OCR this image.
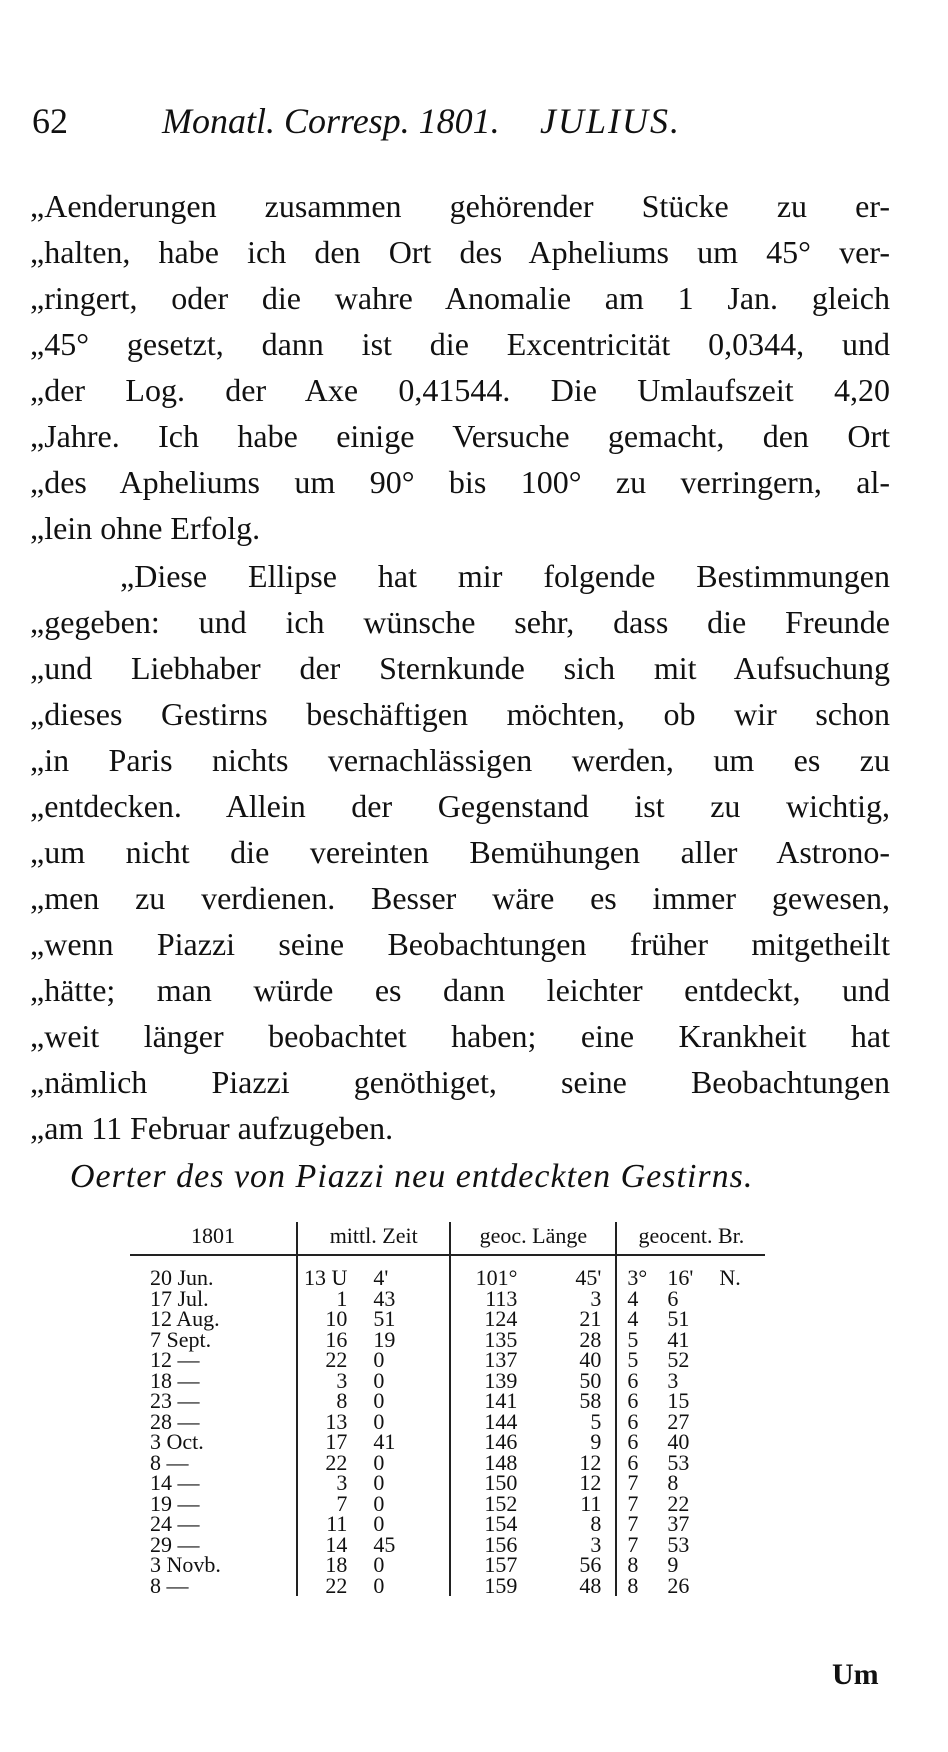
62	Monatl. Corresp. 1801. JULIUS.
„Aenderungen zusammen gehörender Stücke zu er-
„halten, habe ich den Ort des Apheliums um 45° ver-
„ringert, oder die wahre Anomalie am 1 Jan. gleich
„45° gesetzt, dann ist die Excentricität 0,0344, und
„der Log. der Axe 0,41544. Die Umlaufszeit 4,20
„Jahre. Ich habe einige Versuche gemacht, den Ort
„des Apheliums um 90° bis 100° zu verringern, al-
„lein ohne Erfolg.
„Diese Ellipse hat mir folgende Bestimmungen
„gegeben: und ich wünsche sehr, dass die Freunde
„und Liebhaber der Sternkunde sich mit Aufsuchung
„dieses Gestirns beschäftigen möchten, ob wir schon
„in Paris nichts vernachlässigen werden, um es zu
„entdecken. Allein der Gegenstand ist zu wichtig,
„um nicht die vereinten Bemühungen aller Astrono-
„men zu verdienen. Besser wäre es immer gewesen,
„wenn Piazzi seine Beobachtungen früher mitgetheilt
„hätte; man würde es dann leichter entdeckt, und
„weit länger beobachtet haben; eine Krankheit hat
„nämlich Piazzi genöthiget, seine Beobachtungen
„am 11 Februar aufzugeben.
Oerter des von Piazzi neu entdeckten Gestirns.
1801	mittl. Zeit		geoc. Länge		geocent. Br.		
20 Jun.	13 U	4'	101°	45'	3°	16'	N.
17 Jul.	1	43	113	3	4	6	
12 Aug.	10	51	124	21	4	51	
7 Sept.	16	19	135	28	5	41	
12 —	22	0	137	40	5	52	
18 —	3	0	139	50	6	3	
23 —	8	0	141	58	6	15	
28 —	13	0	144	5	6	27	
3 Oct.	17	41	146	9	6	40	
8 —	22	0	148	12	6	53	
14 —	3	0	150	12	7	8	
19 —	7	0	152	11	7	22	
24 —	11	0	154	8	7	37	
29 —	14	45	156	3	7	53	
3 Novb.	18	0	157	56	8	9	
8 —	22	0	159	48	8	26	
Um
